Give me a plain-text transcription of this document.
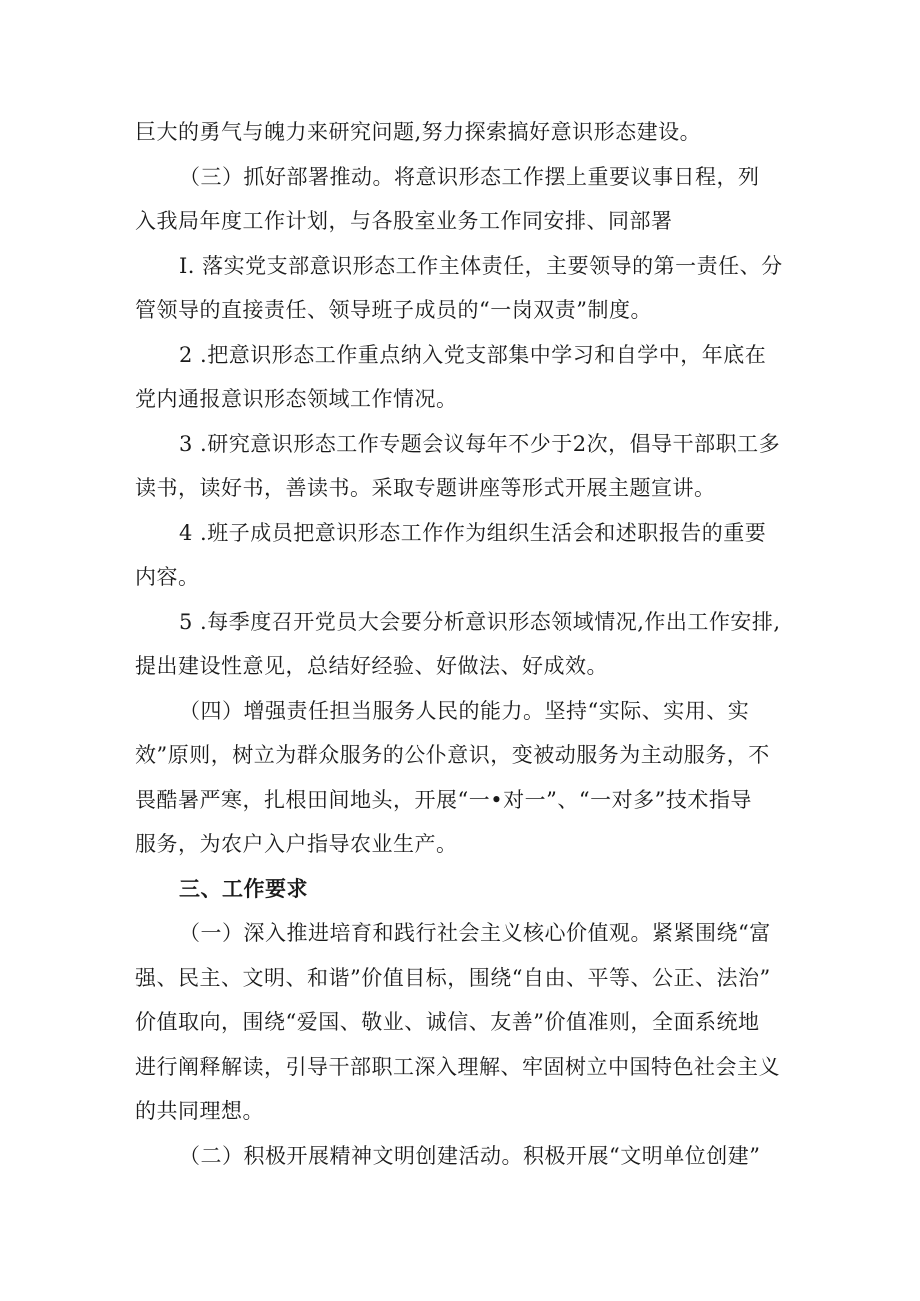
巨大的勇气与魄力来研究问题,努力探索搞好意识形态建设。
（三）抓好部署推动。将意识形态工作摆上重要议事日程，列
入我局年度工作计划，与各股室业务工作同安排、同部署
I. 落实党支部意识形态工作主体责任，主要领导的第一责任、分
管领导的直接责任、领导班子成员的“一岗双责”制度。
2 .把意识形态工作重点纳入党支部集中学习和自学中，年底在
党内通报意识形态领域工作情况。
3 .研究意识形态工作专题会议每年不少于2次，倡导干部职工多
读书，读好书，善读书。采取专题讲座等形式开展主题宣讲。
4 .班子成员把意识形态工作作为组织生活会和述职报告的重要
内容。
5 .每季度召开党员大会要分析意识形态领域情况,作出工作安排,
提出建设性意见，总结好经验、好做法、好成效。
（四）增强责任担当服务人民的能力。坚持“实际、实用、实
效”原则，树立为群众服务的公仆意识，变被动服务为主动服务，不
畏酷暑严寒，扎根田间地头，开展“一•对一”、“一对多”技术指导
服务，为农户入户指导农业生产。
三、工作要求
（一）深入推进培育和践行社会主义核心价值观。紧紧围绕“富
强、民主、文明、和谐”价值目标，围绕“自由、平等、公正、法治”
价值取向，围绕“爱国、敬业、诚信、友善”价值准则，全面系统地
进行阐释解读，引导干部职工深入理解、牢固树立中国特色社会主义
的共同理想。
（二）积极开展精神文明创建活动。积极开展“文明单位创建”
